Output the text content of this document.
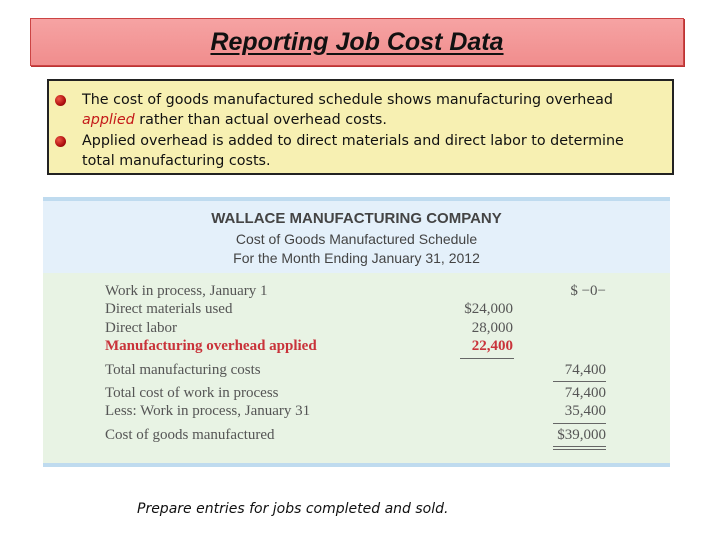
Reporting Job Cost Data
The cost of goods manufactured schedule shows manufacturing overhead
applied rather than actual overhead costs.
Applied overhead is added to direct materials and direct labor to determine
total manufacturing costs.
WALLACE MANUFACTURING COMPANY
Cost of Goods Manufactured Schedule
For the Month Ending January 31, 2012
Work in process, January 1	$ −0−
Direct materials used	$24,000
Direct labor	28,000
Manufacturing overhead applied	22,400
Total manufacturing costs	74,400
Total cost of work in process	74,400
Less: Work in process, January 31	35,400
Cost of goods manufactured	$39,000
Prepare entries for jobs completed and sold.
